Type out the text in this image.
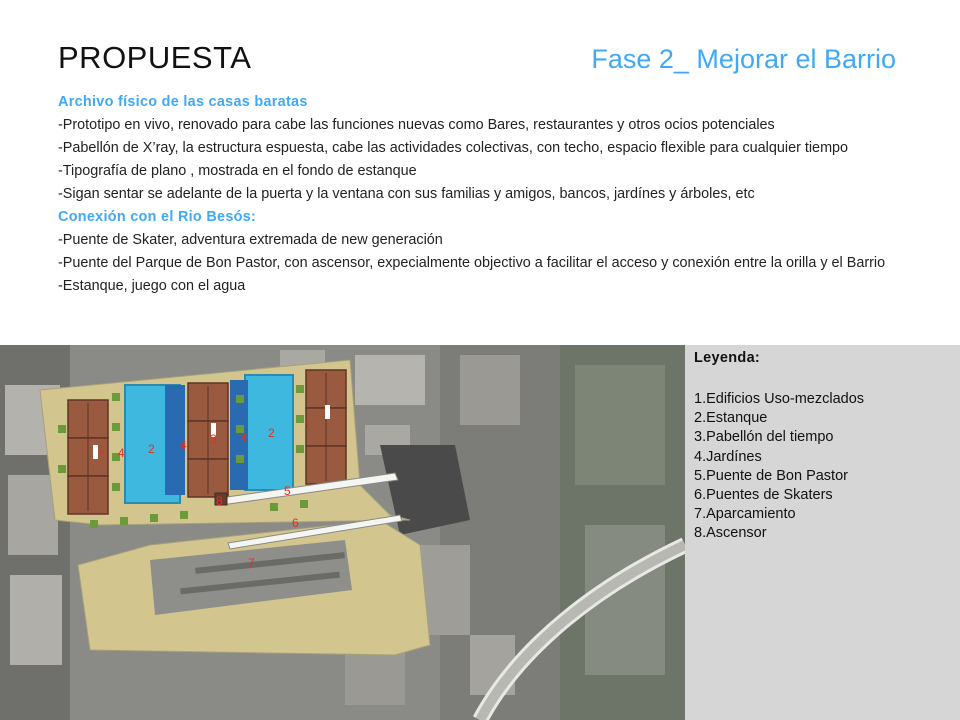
PROPUESTA	Fase 2_ Mejorar el Barrio

Archivo físico de las casas baratas

-Prototipo en vivo, renovado para cabe las funciones nuevas como Bares, restaurantes y otros ocios potenciales

-Pabellón de X’ray, la estructura espuesta, cabe las actividades colectivas, con techo, espacio flexible para cualquier tiempo

-Tipografía de plano , mostrada en el fondo de estanque

-Sigan sentar se adelante de la puerta y la ventana con sus familias y amigos, bancos, jardínes y árboles, etc

Conexión con el Rio Besós:

-Puente de Skater, adventura extremada de new generación

-Puente del Parque de Bon Pastor, con ascensor, expecialmente objectivo a facilitar el acceso y conexión entre la orilla y el Barrio

-Estanque, juego con el agua

1 4 2 4 3 4 2 1
5
8
6
7
Leyenda:
1.Edificios Uso-mezclados
2.Estanque
3.Pabellón del tiempo
4.Jardínes
5.Puente de Bon Pastor
6.Puentes de Skaters
7.Aparcamiento
8.Ascensor
